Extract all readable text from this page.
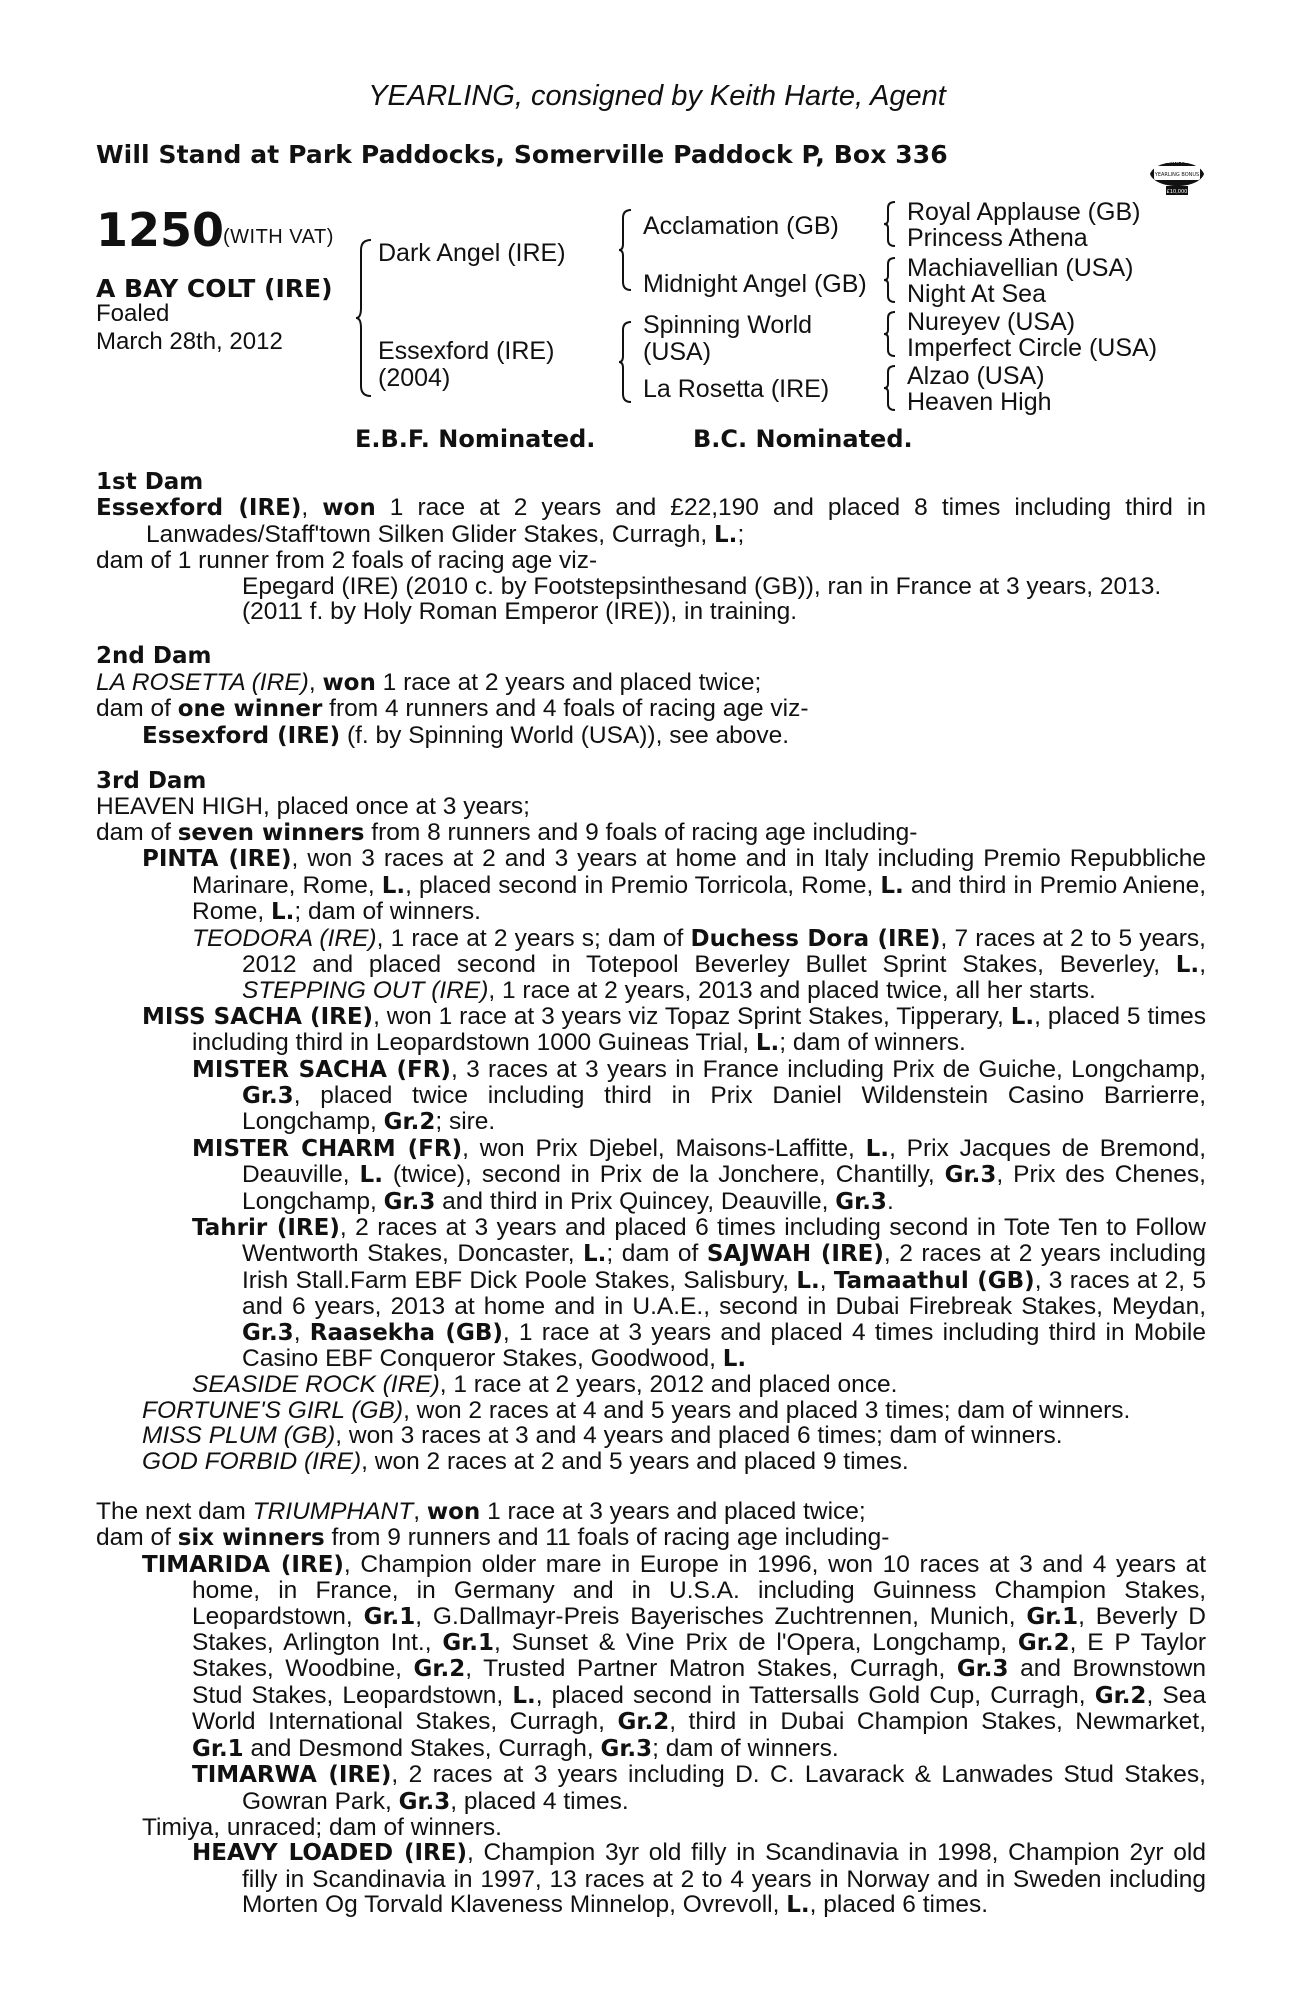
YEARLING, consigned by Keith Harte, Agent
Will Stand at Park Paddocks, Somerville Paddock P, Box 336	RACING POST
YEARLING BONUS
£10,000
1250
(WITH VAT)
A BAY COLT (IRE)
Foaled
March 28th, 2012
Dark Angel (IRE)
Essexford (IRE)
(2004)
Acclamation (GB)
Midnight Angel (GB)
Spinning World
(USA)
La Rosetta (IRE)
Royal Applause (GB)
Princess Athena
Machiavellian (USA)
Night At Sea
Nureyev (USA)
Imperfect Circle (USA)
Alzao (USA)
Heaven High
E.B.F. Nominated.	B.C. Nominated.
1st Dam

Essexford (IRE), won 1 race at 2 years and £22,190 and placed 8 times including third in Lanwades/Staff'town Silken Glider Stakes, Curragh, L.;

dam of 1 runner from 2 foals of racing age viz-

Epegard (IRE) (2010 c. by Footstepsinthesand (GB)), ran in France at 3 years, 2013.

(2011 f. by Holy Roman Emperor (IRE)), in training.

2nd Dam

LA ROSETTA (IRE), won 1 race at 2 years and placed twice;

dam of one winner from 4 runners and 4 foals of racing age viz-

Essexford (IRE) (f. by Spinning World (USA)), see above.

3rd Dam

HEAVEN HIGH, placed once at 3 years;

dam of seven winners from 8 runners and 9 foals of racing age including-

PINTA (IRE), won 3 races at 2 and 3 years at home and in Italy including Premio Repubbliche Marinare, Rome, L., placed second in Premio Torricola, Rome, L. and third in Premio Aniene, Rome, L.; dam of winners.

TEODORA (IRE), 1 race at 2 years s; dam of Duchess Dora (IRE), 7 races at 2 to 5 years, 2012 and placed second in Totepool Beverley Bullet Sprint Stakes, Beverley, L., STEPPING OUT (IRE), 1 race at 2 years, 2013 and placed twice, all her starts.

MISS SACHA (IRE), won 1 race at 3 years viz Topaz Sprint Stakes, Tipperary, L., placed 5 times including third in Leopardstown 1000 Guineas Trial, L.; dam of winners.

MISTER SACHA (FR), 3 races at 3 years in France including Prix de Guiche, Longchamp, Gr.3, placed twice including third in Prix Daniel Wildenstein Casino Barrierre, Longchamp, Gr.2; sire.

MISTER CHARM (FR), won Prix Djebel, Maisons-Laffitte, L., Prix Jacques de Bremond, Deauville, L. (twice), second in Prix de la Jonchere, Chantilly, Gr.3, Prix des Chenes, Longchamp, Gr.3 and third in Prix Quincey, Deauville, Gr.3.

Tahrir (IRE), 2 races at 3 years and placed 6 times including second in Tote Ten to Follow Wentworth Stakes, Doncaster, L.; dam of SAJWAH (IRE), 2 races at 2 years including Irish Stall.Farm EBF Dick Poole Stakes, Salisbury, L., Tamaathul (GB), 3 races at 2, 5 and 6 years, 2013 at home and in U.A.E., second in Dubai Firebreak Stakes, Meydan, Gr.3, Raasekha (GB), 1 race at 3 years and placed 4 times including third in Mobile Casino EBF Conqueror Stakes, Goodwood, L.

SEASIDE ROCK (IRE), 1 race at 2 years, 2012 and placed once.

FORTUNE'S GIRL (GB), won 2 races at 4 and 5 years and placed 3 times; dam of winners.

MISS PLUM (GB), won 3 races at 3 and 4 years and placed 6 times; dam of winners.

GOD FORBID (IRE), won 2 races at 2 and 5 years and placed 9 times.

The next dam TRIUMPHANT, won 1 race at 3 years and placed twice;

dam of six winners from 9 runners and 11 foals of racing age including-

TIMARIDA (IRE), Champion older mare in Europe in 1996, won 10 races at 3 and 4 years at home, in France, in Germany and in U.S.A. including Guinness Champion Stakes, Leopardstown, Gr.1, G.Dallmayr-Preis Bayerisches Zuchtrennen, Munich, Gr.1, Beverly D Stakes, Arlington Int., Gr.1, Sunset & Vine Prix de l'Opera, Longchamp, Gr.2, E P Taylor Stakes, Woodbine, Gr.2, Trusted Partner Matron Stakes, Curragh, Gr.3 and Brownstown Stud Stakes, Leopardstown, L., placed second in Tattersalls Gold Cup, Curragh, Gr.2, Sea World International Stakes, Curragh, Gr.2, third in Dubai Champion Stakes, Newmarket, Gr.1 and Desmond Stakes, Curragh, Gr.3; dam of winners.

TIMARWA (IRE), 2 races at 3 years including D. C. Lavarack & Lanwades Stud Stakes, Gowran Park, Gr.3, placed 4 times.

Timiya, unraced; dam of winners.

HEAVY LOADED (IRE), Champion 3yr old filly in Scandinavia in 1998, Champion 2yr old filly in Scandinavia in 1997, 13 races at 2 to 4 years in Norway and in Sweden including Morten Og Torvald Klaveness Minnelop, Ovrevoll, L., placed 6 times.
